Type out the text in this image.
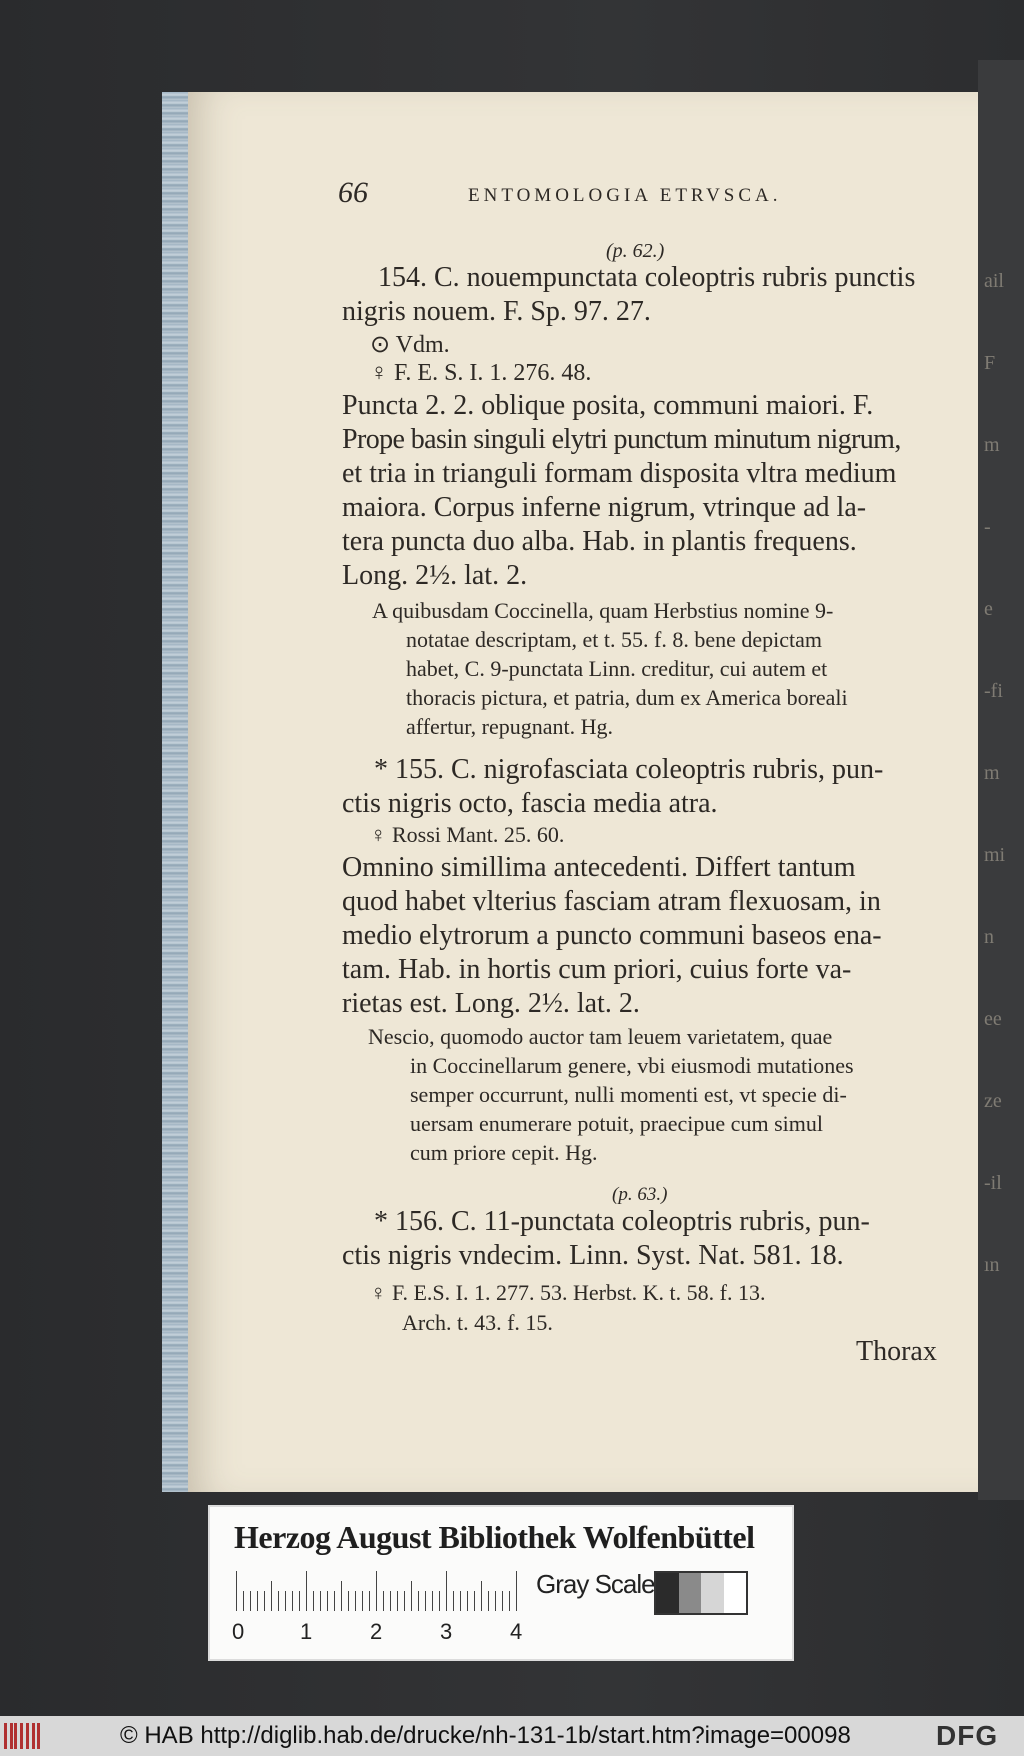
ail
F
m
-
e
-fi
m
mi
n
ee
ze
-il
ın
66	ENTOMOLOGIA ETRVSCA.
(p. 62.)
154. C. nouempunctata coleoptris rubris punctis
nigris nouem. F. Sp. 97. 27.
⊙ Vdm.
♀ F. E. S. I. 1. 276. 48.
Puncta 2. 2. oblique posita, communi maiori. F.
Prope basin singuli elytri punctum minutum nigrum,
et tria in trianguli formam disposita vltra medium
maiora. Corpus inferne nigrum, vtrinque ad la-
tera puncta duo alba. Hab. in plantis frequens.
Long. 2½. lat. 2.
A quibusdam Coccinella, quam Herbstius nomine 9-
notatae descriptam, et t. 55. f. 8. bene depictam
habet, C. 9-punctata Linn. creditur, cui autem et
thoracis pictura, et patria, dum ex America boreali
affertur, repugnant. Hg.
* 155. C. nigrofasciata coleoptris rubris, pun-
ctis nigris octo, fascia media atra.
♀ Rossi Mant. 25. 60.
Omnino simillima antecedenti. Differt tantum
quod habet vlterius fasciam atram flexuosam, in
medio elytrorum a puncto communi baseos ena-
tam. Hab. in hortis cum priori, cuius forte va-
rietas est. Long. 2½. lat. 2.
Nescio, quomodo auctor tam leuem varietatem, quae
in Coccinellarum genere, vbi eiusmodi mutationes
semper occurrunt, nulli momenti est, vt specie di-
uersam enumerare potuit, praecipue cum simul
cum priore cepit. Hg.
(p. 63.)
* 156. C. 11-punctata coleoptris rubris, pun-
ctis nigris vndecim. Linn. Syst. Nat. 581. 18.
♀ F. E.S. I. 1. 277. 53. Herbst. K. t. 58. f. 13.
Arch. t. 43. f. 15.
Thorax
Herzog August Bibliothek Wolfenbüttel
Gray Scale
0	1	2	3	4
© HAB http://diglib.hab.de/drucke/nh-131-1b/start.htm?image=00098	DFG
